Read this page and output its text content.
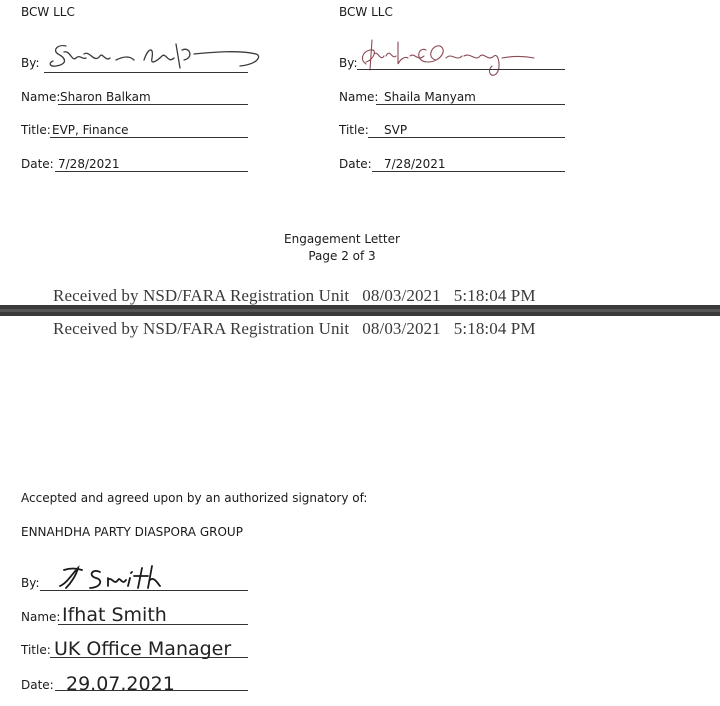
BCW LLC
By:
Name: Sharon Balkam
Title: EVP, Finance
Date: 7/28/2021
BCW LLC
By:
Name: Shaila Manyam
Title: SVP
Date: 7/28/2021
Engagement Letter
Page 2 of 3
Received by NSD/FARA Registration Unit   08/03/2021   5:18:04 PM
Received by NSD/FARA Registration Unit   08/03/2021   5:18:04 PM
Accepted and agreed upon by an authorized signatory of:
ENNAHDHA PARTY DIASPORA GROUP
By:
Name: Ifhat Smith
Title: UK Office Manager
Date: 29.07.2021
